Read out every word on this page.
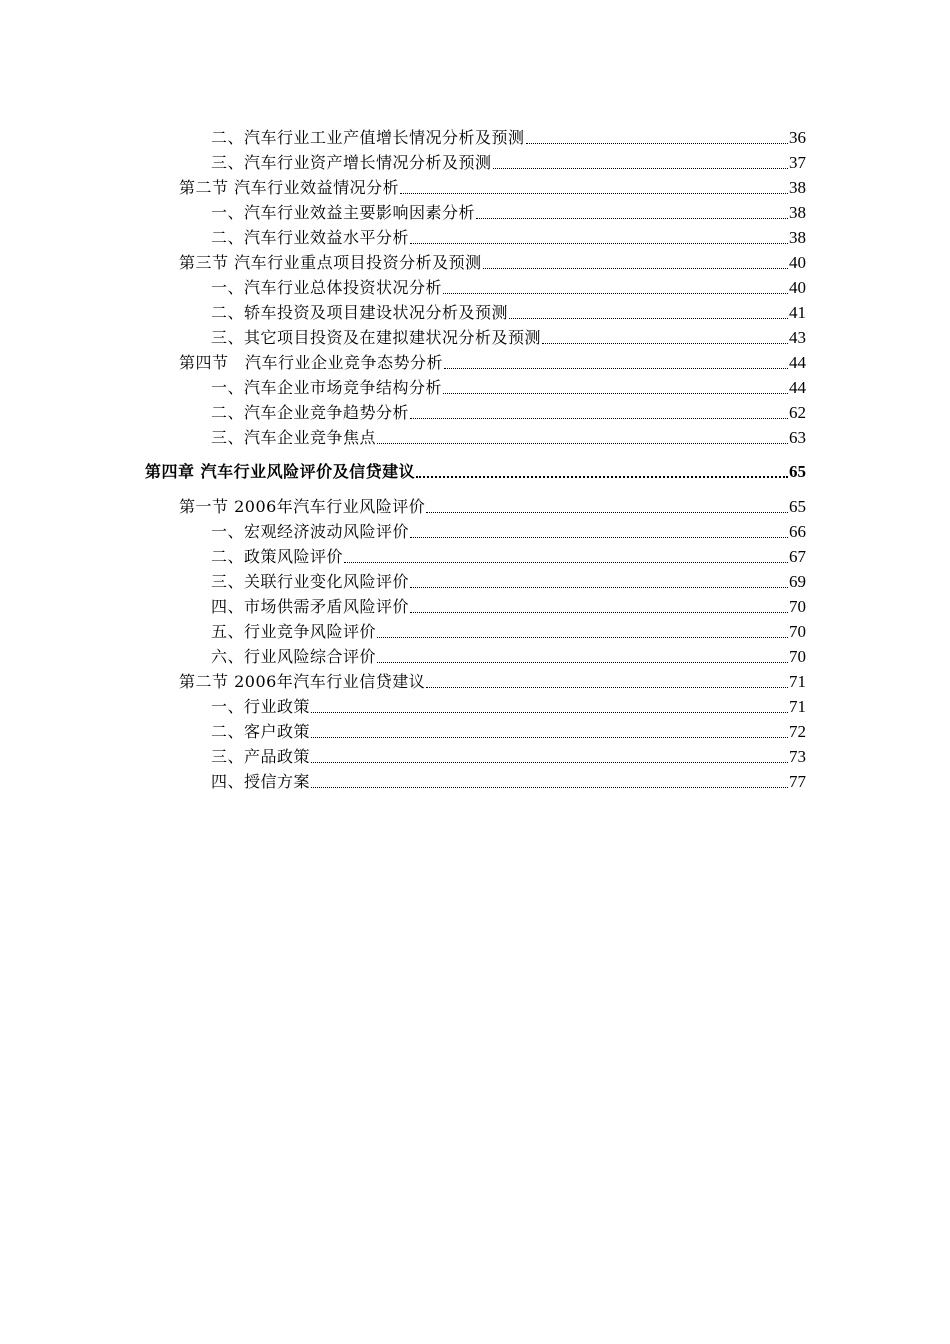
二、汽车行业工业产值增长情况分析及预测	36
三、汽车行业资产增长情况分析及预测	37
第二节 汽车行业效益情况分析	38
一、汽车行业效益主要影响因素分析	38
二、汽车行业效益水平分析	38
第三节 汽车行业重点项目投资分析及预测	40
一、汽车行业总体投资状况分析	40
二、轿车投资及项目建设状况分析及预测	41
三、其它项目投资及在建拟建状况分析及预测	43
第四节　汽车行业企业竞争态势分析	44
一、汽车企业市场竞争结构分析	44
二、汽车企业竞争趋势分析	62
三、汽车企业竞争焦点	63
第四章 汽车行业风险评价及信贷建议	65
第一节 2006年汽车行业风险评价	65
一、宏观经济波动风险评价	66
二、政策风险评价	67
三、关联行业变化风险评价	69
四、市场供需矛盾风险评价	70
五、行业竞争风险评价	70
六、行业风险综合评价	70
第二节 2006年汽车行业信贷建议	71
一、行业政策	71
二、客户政策	72
三、产品政策	73
四、授信方案	77
